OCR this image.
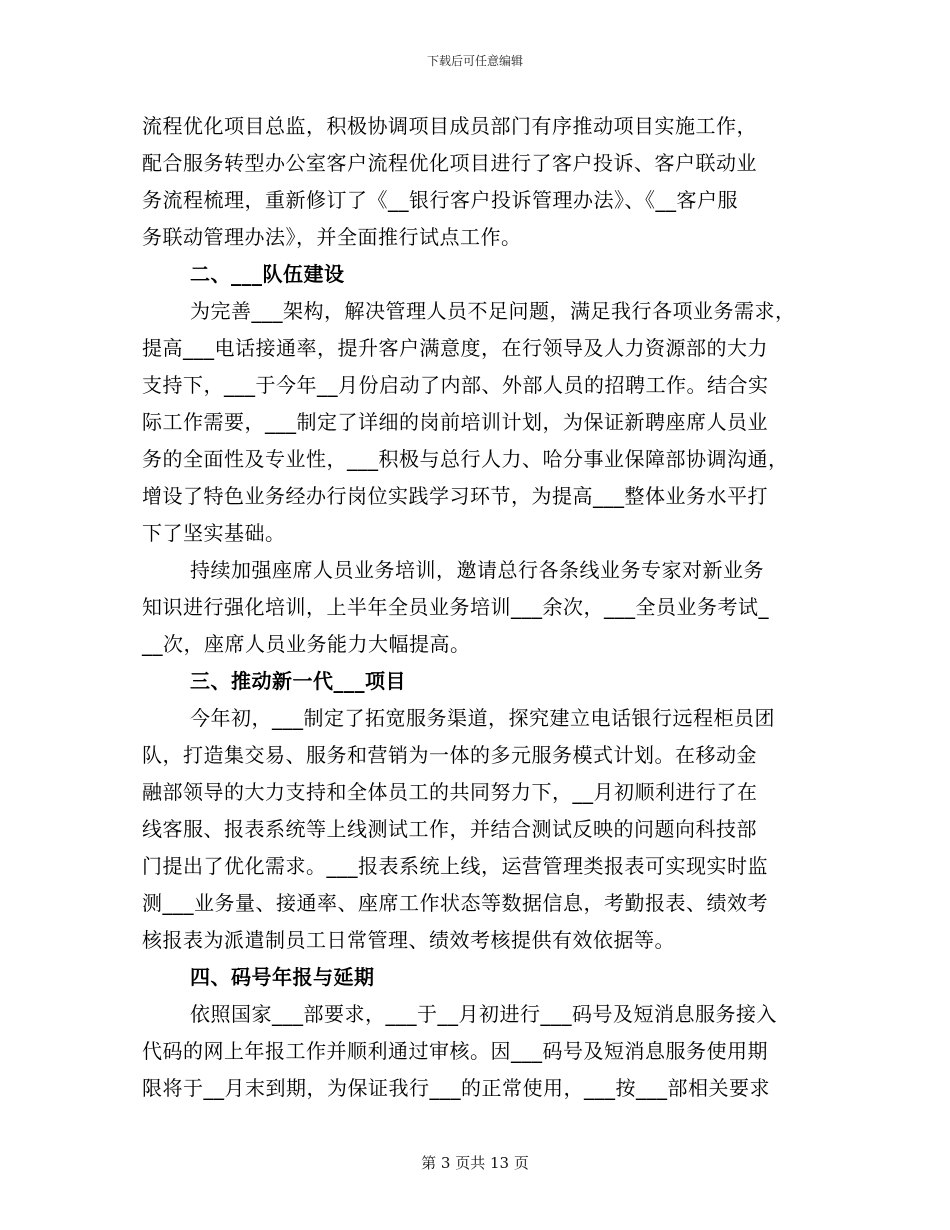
下载后可任意编辑
流程优化项目总监，积极协调项目成员部门有序推动项目实施工作，
配合服务转型办公室客户流程优化项目进行了客户投诉、客户联动业
务流程梳理，重新修订了《__银行客户投诉管理办法》、《__客户服
务联动管理办法》，并全面推行试点工作。
二、___队伍建设
为完善___架构，解决管理人员不足问题，满足我行各项业务需求，
提高___电话接通率，提升客户满意度，在行领导及人力资源部的大力
支持下，___于今年__月份启动了内部、外部人员的招聘工作。结合实
际工作需要，___制定了详细的岗前培训计划，为保证新聘座席人员业
务的全面性及专业性，___积极与总行人力、哈分事业保障部协调沟通，
增设了特色业务经办行岗位实践学习环节，为提高___整体业务水平打
下了坚实基础。
持续加强座席人员业务培训，邀请总行各条线业务专家对新业务
知识进行强化培训，上半年全员业务培训___余次，___全员业务考试_
__次，座席人员业务能力大幅提高。
三、推动新一代___项目
今年初，___制定了拓宽服务渠道，探究建立电话银行远程柜员团
队，打造集交易、服务和营销为一体的多元服务模式计划。在移动金
融部领导的大力支持和全体员工的共同努力下，__月初顺利进行了在
线客服、报表系统等上线测试工作，并结合测试反映的问题向科技部
门提出了优化需求。___报表系统上线，运营管理类报表可实现实时监
测___业务量、接通率、座席工作状态等数据信息，考勤报表、绩效考
核报表为派遣制员工日常管理、绩效考核提供有效依据等。
四、码号年报与延期
依照国家___部要求，___于__月初进行___码号及短消息服务接入
代码的网上年报工作并顺利通过审核。因___码号及短消息服务使用期
限将于__月末到期，为保证我行___的正常使用，___按___部相关要求
第 3 页共 13 页
